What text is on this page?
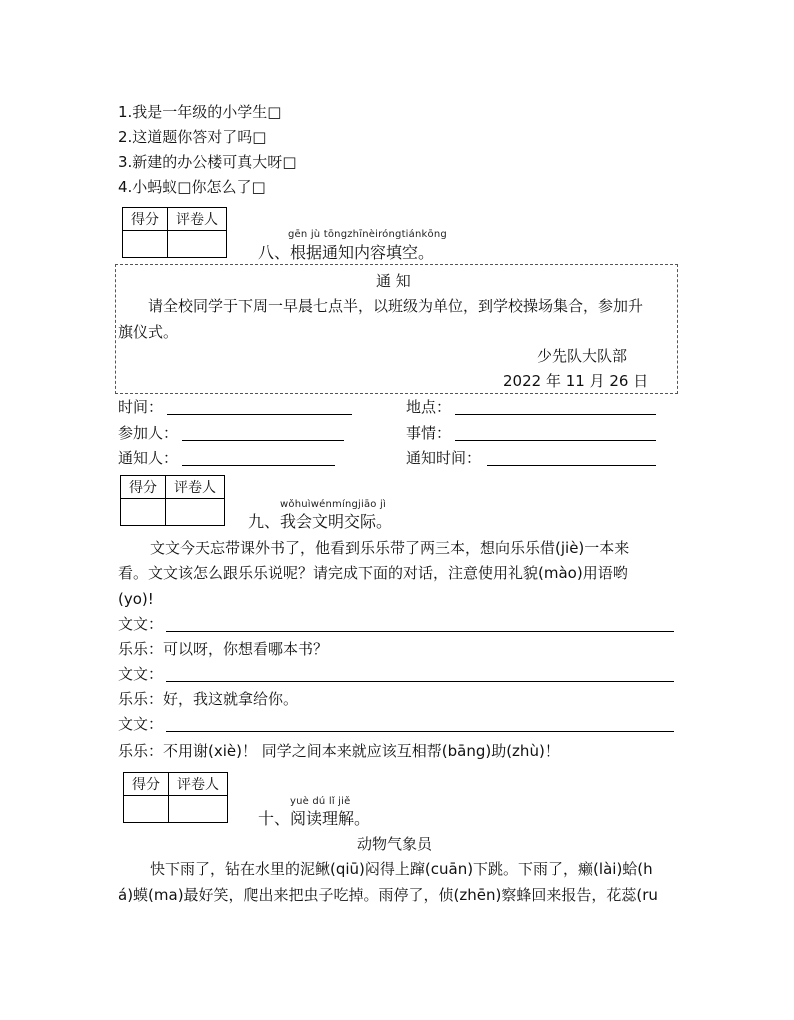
1.我是一年级的小学生□
2.这道题你答对了吗□
3.新建的办公楼可真大呀□
4.小蚂蚁□你怎么了□
得分	评卷人

gēn jù tōngzhīnèiróngtiánkōng
八、根据通知内容填空。
通 知
请全校同学于下周一早晨七点半，以班级为单位，到学校操场集合，参加升
旗仪式。
少先队大队部
2022 年 11 月 26 日
时间：	地点：
参加人：	事情：
通知人：	通知时间：
得分	评卷人

wǒhuìwénmíngjiāo jì
九、我会文明交际。
文文今天忘带课外书了，他看到乐乐带了两三本，想向乐乐借(jiè)一本来
看。文文该怎么跟乐乐说呢？请完成下面的对话，注意使用礼貌(mào)用语哟
(yo)!
文文：
乐乐：可以呀，你想看哪本书？
文文：
乐乐：好，我这就拿给你。
文文：
乐乐：不用谢(xiè)！ 同学之间本来就应该互相帮(bāng)助(zhù)！
得分	评卷人

yuè dú lǐ jiě
十、阅读理解。
动物气象员
快下雨了，钻在水里的泥鳅(qiū)闷得上蹿(cuān)下跳。下雨了，癞(lài)蛤(h
á)蟆(ma)最好笑，爬出来把虫子吃掉。雨停了，侦(zhēn)察蜂回来报告，花蕊(ru
